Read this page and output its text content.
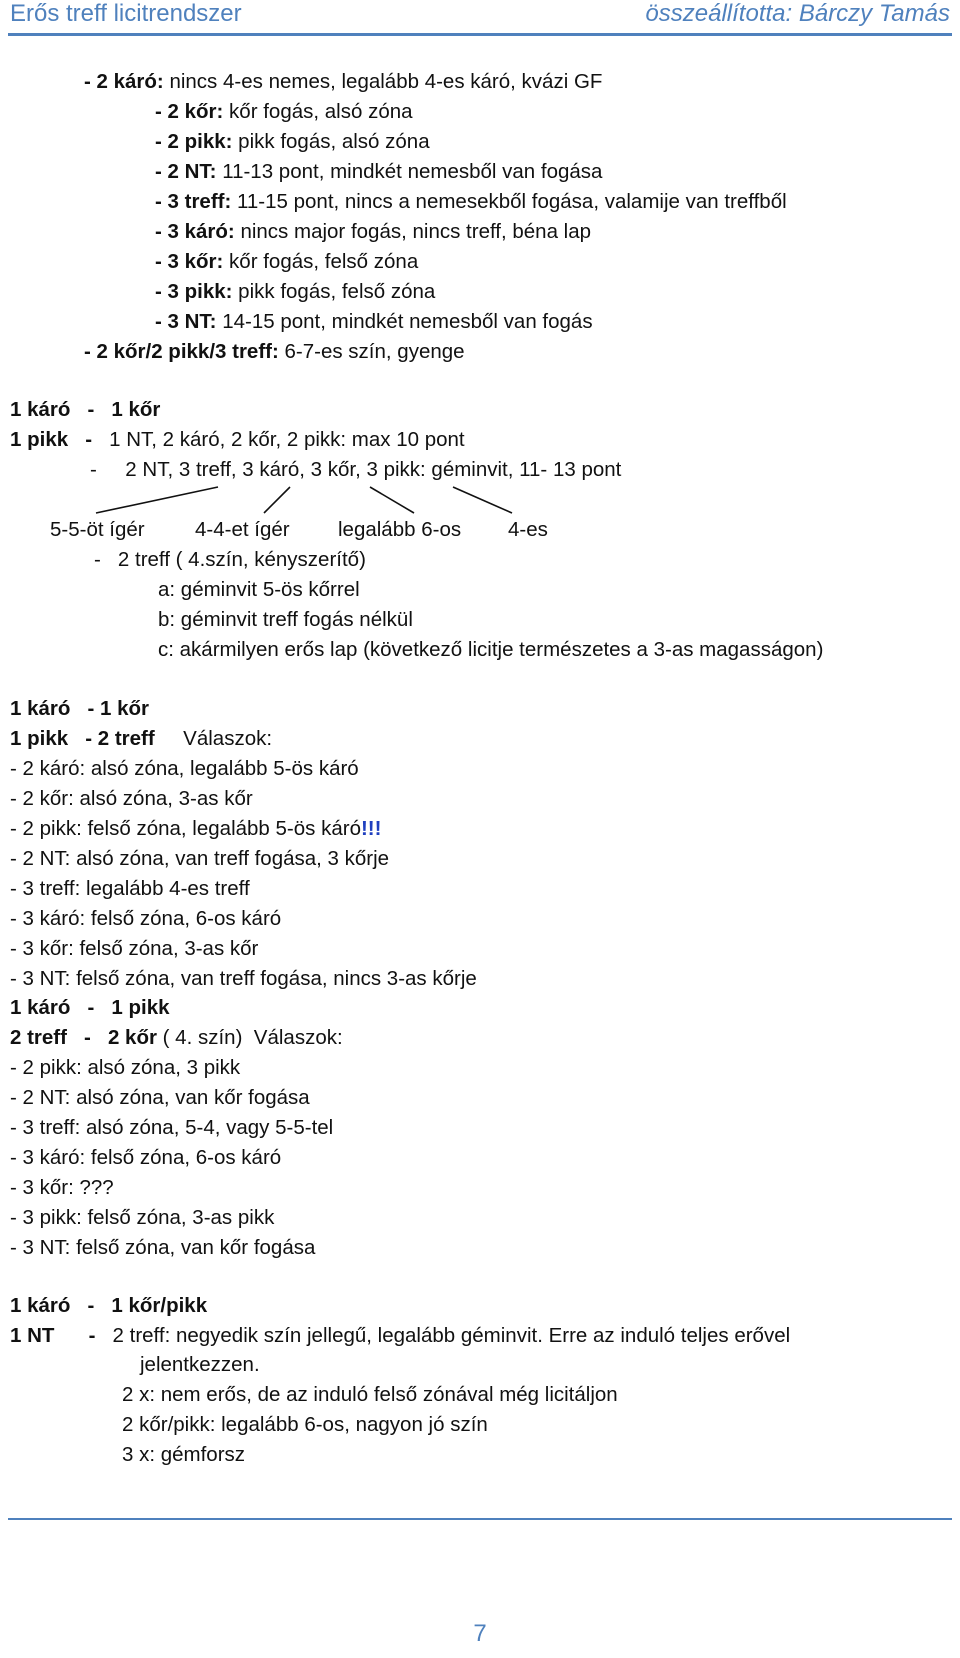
Erős treff licitrendszer	összeállította: Bárczy Tamás
- 2 káró: nincs 4-es nemes, legalább 4-es káró, kvázi GF
- 2 kőr: kőr fogás, alsó zóna
- 2 pikk: pikk fogás, alsó zóna
- 2 NT: 11-13 pont, mindkét nemesből van fogása
- 3 treff: 11-15 pont, nincs a nemesekből fogása, valamije van treffből
- 3 káró: nincs major fogás, nincs treff, béna lap
- 3 kőr: kőr fogás, felső zóna
- 3 pikk: pikk fogás, felső zóna
- 3 NT: 14-15 pont, mindkét nemesből van fogás
- 2 kőr/2 pikk/3 treff: 6-7-es szín, gyenge
1 káró   -   1 kőr
1 pikk   -   1 NT, 2 káró, 2 kőr, 2 pikk: max 10 pont
-     2 NT, 3 treff, 3 káró, 3 kőr, 3 pikk: géminvit, 11- 13 pont
5-5-öt ígér 4-4-et ígér legalább 6-os 4-es
-   2 treff ( 4.szín, kényszerítő)
a: géminvit 5-ös kőrrel
b: géminvit treff fogás nélkül
c: akármilyen erős lap (következő licitje természetes a 3-as magasságon)
1 káró   - 1 kőr
1 pikk   - 2 treff     Válaszok:
- 2 káró: alsó zóna, legalább 5-ös káró
- 2 kőr: alsó zóna, 3-as kőr
- 2 pikk: felső zóna, legalább 5-ös káró!!!
- 2 NT: alsó zóna, van treff fogása, 3 kőrje
- 3 treff: legalább 4-es treff
- 3 káró: felső zóna, 6-os káró
- 3 kőr: felső zóna, 3-as kőr
- 3 NT: felső zóna, van treff fogása, nincs 3-as kőrje
1 káró   -   1 pikk
2 treff   -   2 kőr ( 4. szín)  Válaszok:
- 2 pikk: alsó zóna, 3 pikk
- 2 NT: alsó zóna, van kőr fogása
- 3 treff: alsó zóna, 5-4, vagy 5-5-tel
- 3 káró: felső zóna, 6-os káró
- 3 kőr: ???
- 3 pikk: felső zóna, 3-as pikk
- 3 NT: felső zóna, van kőr fogása
1 káró   -   1 kőr/pikk
1 NT      -   2 treff: negyedik szín jellegű, legalább géminvit. Erre az induló teljes erővel
jelentkezzen.
2 x: nem erős, de az induló felső zónával még licitáljon
2 kőr/pikk: legalább 6-os, nagyon jó szín
3 x: gémforsz
7
